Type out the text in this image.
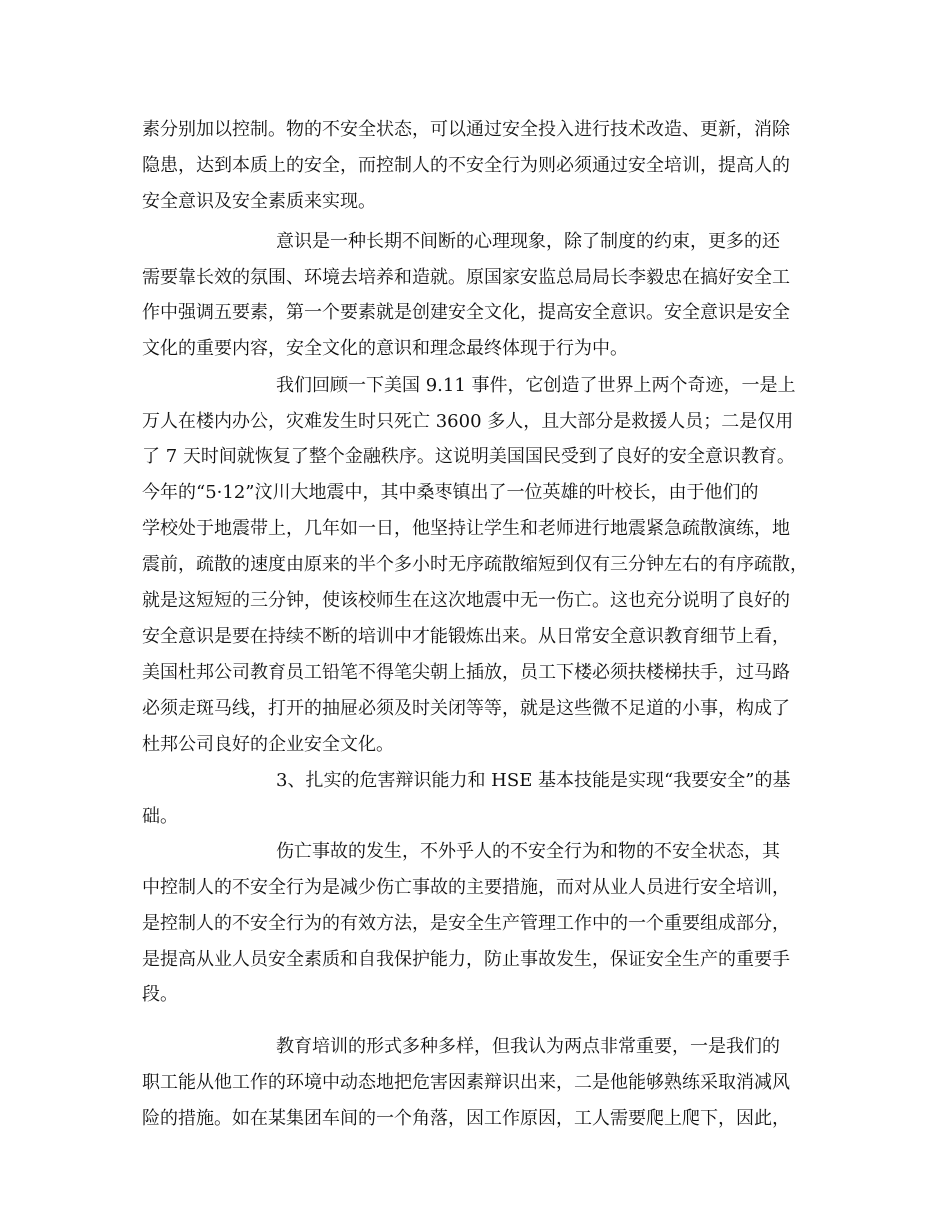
素分别加以控制。物的不安全状态，可以通过安全投入进行技术改造、更新，消除
隐患，达到本质上的安全，而控制人的不安全行为则必须通过安全培训，提高人的
安全意识及安全素质来实现。
意识是一种长期不间断的心理现象，除了制度的约束，更多的还
需要靠长效的氛围、环境去培养和造就。原国家安监总局局长李毅忠在搞好安全工
作中强调五要素，第一个要素就是创建安全文化，提高安全意识。安全意识是安全
文化的重要内容，安全文化的意识和理念最终体现于行为中。
我们回顾一下美国 9.11 事件，它创造了世界上两个奇迹，一是上
万人在楼内办公，灾难发生时只死亡 3600 多人，且大部分是救援人员；二是仅用
了 7 天时间就恢复了整个金融秩序。这说明美国国民受到了良好的安全意识教育。
今年的“5·12”汶川大地震中，其中桑枣镇出了一位英雄的叶校长，由于他们的
学校处于地震带上，几年如一日，他坚持让学生和老师进行地震紧急疏散演练，地
震前，疏散的速度由原来的半个多小时无序疏散缩短到仅有三分钟左右的有序疏散，
就是这短短的三分钟，使该校师生在这次地震中无一伤亡。这也充分说明了良好的
安全意识是要在持续不断的培训中才能锻炼出来。从日常安全意识教育细节上看，
美国杜邦公司教育员工铅笔不得笔尖朝上插放，员工下楼必须扶楼梯扶手，过马路
必须走斑马线，打开的抽屉必须及时关闭等等，就是这些微不足道的小事，构成了
杜邦公司良好的企业安全文化。
3、扎实的危害辩识能力和 HSE 基本技能是实现“我要安全”的基
础。
伤亡事故的发生，不外乎人的不安全行为和物的不安全状态，其
中控制人的不安全行为是减少伤亡事故的主要措施，而对从业人员进行安全培训，
是控制人的不安全行为的有效方法，是安全生产管理工作中的一个重要组成部分，
是提高从业人员安全素质和自我保护能力，防止事故发生，保证安全生产的重要手
段。
教育培训的形式多种多样，但我认为两点非常重要，一是我们的
职工能从他工作的环境中动态地把危害因素辩识出来，二是他能够熟练采取消减风
险的措施。如在某集团车间的一个角落，因工作原因，工人需要爬上爬下，因此，
